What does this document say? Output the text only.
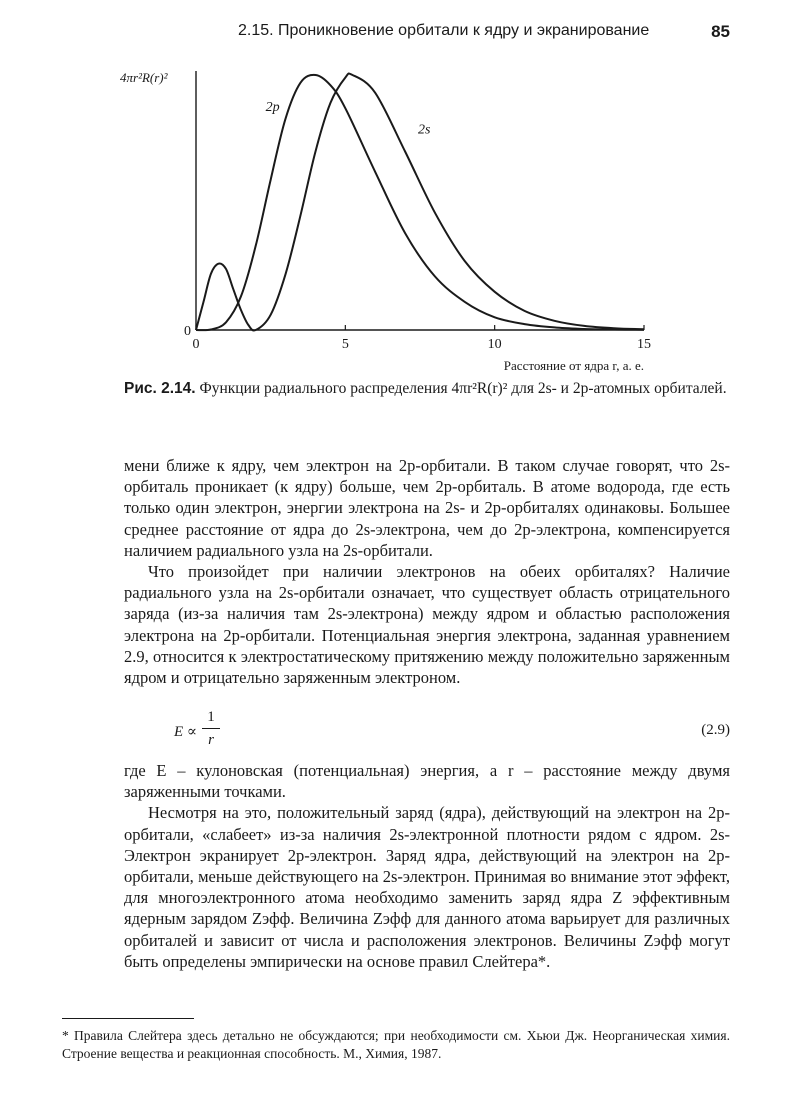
2.15. Проникновение орбитали к ядру и экранирование	85
0	5	10	15
0
4πr²R(r)²
Расстояние от ядра r, а. е.
2p
2s
Рис. 2.14. Функции радиального распределения 4πr²R(r)² для 2s- и 2p-атомных орбиталей.

мени ближе к ядру, чем электрон на 2p-орбитали. В таком случае говорят, что 2s-орбиталь проникает (к ядру) больше, чем 2p-орбиталь. В атоме водорода, где есть только один электрон, энергии электрона на 2s- и 2p-орбиталях одинаковы. Большее среднее расстояние от ядра до 2s-электрона, чем до 2p-электрона, компенсируется наличием радиального узла на 2s-орбитали.

Что произойдет при наличии электронов на обеих орбиталях? Наличие радиального узла на 2s-орбитали означает, что существует область отрицательного заряда (из-за наличия там 2s-электрона) между ядром и областью расположения электрона на 2p-орбитали. Потенциальная энергия электрона, заданная уравнением 2.9, относится к электростатическому притяжению между положительно заряженным ядром и отрицательно заряженным электроном.

E ∝
1
r
(2.9)

где E – кулоновская (потенциальная) энергия, а r – расстояние между двумя заряженными точками.

Несмотря на это, положительный заряд (ядра), действующий на электрон на 2p-орбитали, «слабеет» из-за наличия 2s-электронной плотности рядом с ядром. 2s-Электрон экранирует 2p-электрон. Заряд ядра, действующий на электрон на 2p-орбитали, меньше действующего на 2s-электрон. Принимая во внимание этот эффект, для многоэлектронного атома необходимо заменить заряд ядра Z эффективным ядерным зарядом Zэфф. Величина Zэфф для данного атома варьирует для различных орбиталей и зависит от числа и расположения электронов. Величины Zэфф могут быть определены эмпирически на основе правил Слейтера*.

* Правила Слейтера здесь детально не обсуждаются; при необходимости см. Хьюи Дж. Неорганическая химия. Строение вещества и реакционная способность. М., Химия, 1987.
